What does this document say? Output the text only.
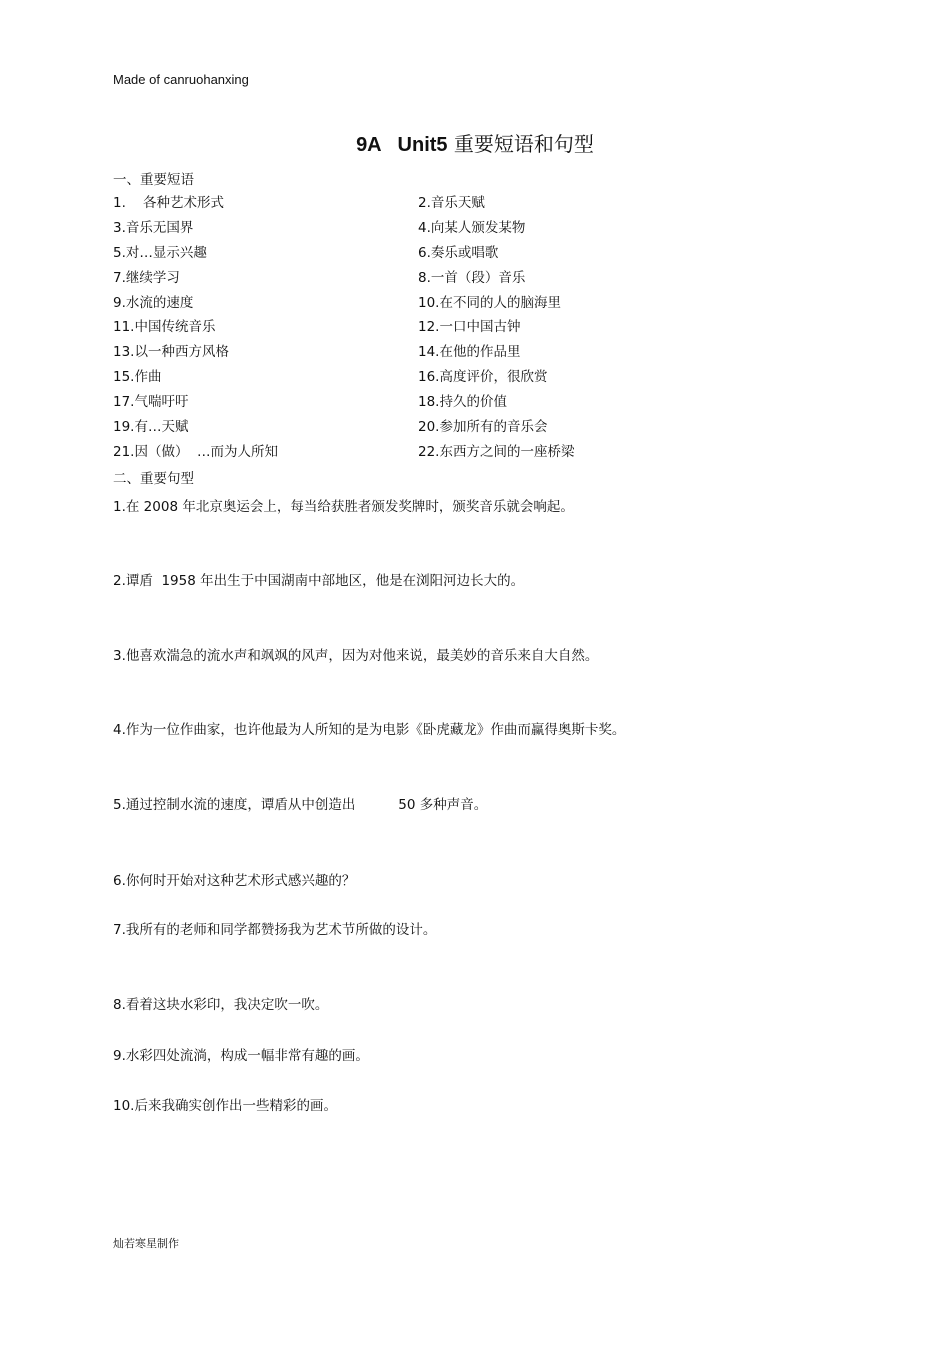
Made of canruohanxing
9A   Unit5 重要短语和句型
一、重要短语
1.    各种艺术形式	2.音乐天赋
3.音乐无国界	4.向某人颁发某物
5.对…显示兴趣	6.奏乐或唱歌
7.继续学习	8.一首（段）音乐
9.水流的速度	10.在不同的人的脑海里
11.中国传统音乐	12.一口中国古钟
13.以一种西方风格	14.在他的作品里
15.作曲	16.高度评价，很欣赏
17.气喘吁吁	18.持久的价值
19.有…天赋	20.参加所有的音乐会
21.因（做）  …而为人所知	22.东西方之间的一座桥梁
二、重要句型
1.在 2008 年北京奥运会上，每当给获胜者颁发奖牌时，颁奖音乐就会响起。
2.谭盾  1958 年出生于中国湖南中部地区，他是在浏阳河边长大的。
3.他喜欢湍急的流水声和飒飒的风声，因为对他来说，最美妙的音乐来自大自然。
4.作为一位作曲家，也许他最为人所知的是为电影《卧虎藏龙》作曲而赢得奥斯卡奖。
5.通过控制水流的速度，谭盾从中创造出          50 多种声音。
6.你何时开始对这种艺术形式感兴趣的？
7.我所有的老师和同学都赞扬我为艺术节所做的设计。
8.看着这块水彩印，我决定吹一吹。
9.水彩四处流淌，构成一幅非常有趣的画。
10.后来我确实创作出一些精彩的画。
灿若寒星制作
